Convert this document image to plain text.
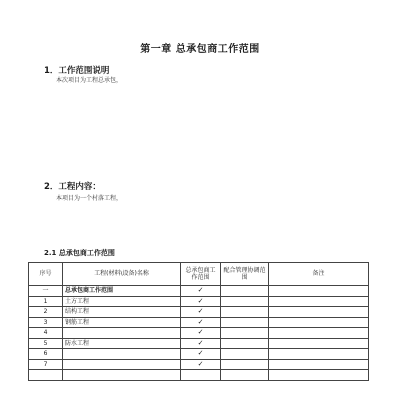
第一章 总承包商工作范围
1．工作范围说明
本次项目为工程总承包，
2．工程内容：
本项目为一个村落工程，
2.1 总承包商工作范围
序号	工程(材料\设备)名称	总承包商工作范围	配合管理协调范围	备注
一	总承包商工作范围	✓		
1	土方工程	✓		
2	结构工程	✓		
3	钢筋工程	✓		
4		✓		
5	防水工程	✓		
6		✓		
7		✓		
